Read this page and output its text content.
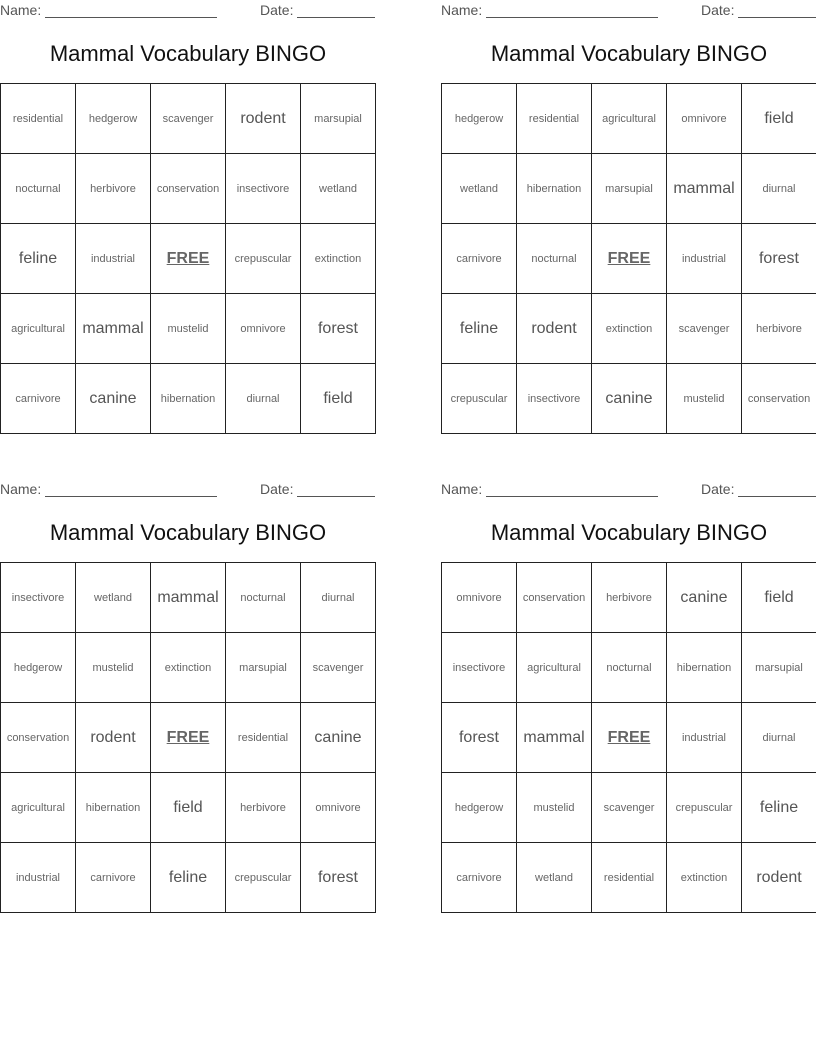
Name:	Date:
Mammal Vocabulary BINGO
residential	hedgerow	scavenger	rodent	marsupial
nocturnal	herbivore	conservation	insectivore	wetland
feline	industrial	FREE	crepuscular	extinction
agricultural	mammal	mustelid	omnivore	forest
carnivore	canine	hibernation	diurnal	field
Name:	Date:
Mammal Vocabulary BINGO
hedgerow	residential	agricultural	omnivore	field
wetland	hibernation	marsupial	mammal	diurnal
carnivore	nocturnal	FREE	industrial	forest
feline	rodent	extinction	scavenger	herbivore
crepuscular	insectivore	canine	mustelid	conservation
Name:	Date:
Mammal Vocabulary BINGO
insectivore	wetland	mammal	nocturnal	diurnal
hedgerow	mustelid	extinction	marsupial	scavenger
conservation	rodent	FREE	residential	canine
agricultural	hibernation	field	herbivore	omnivore
industrial	carnivore	feline	crepuscular	forest
Name:	Date:
Mammal Vocabulary BINGO
omnivore	conservation	herbivore	canine	field
insectivore	agricultural	nocturnal	hibernation	marsupial
forest	mammal	FREE	industrial	diurnal
hedgerow	mustelid	scavenger	crepuscular	feline
carnivore	wetland	residential	extinction	rodent
